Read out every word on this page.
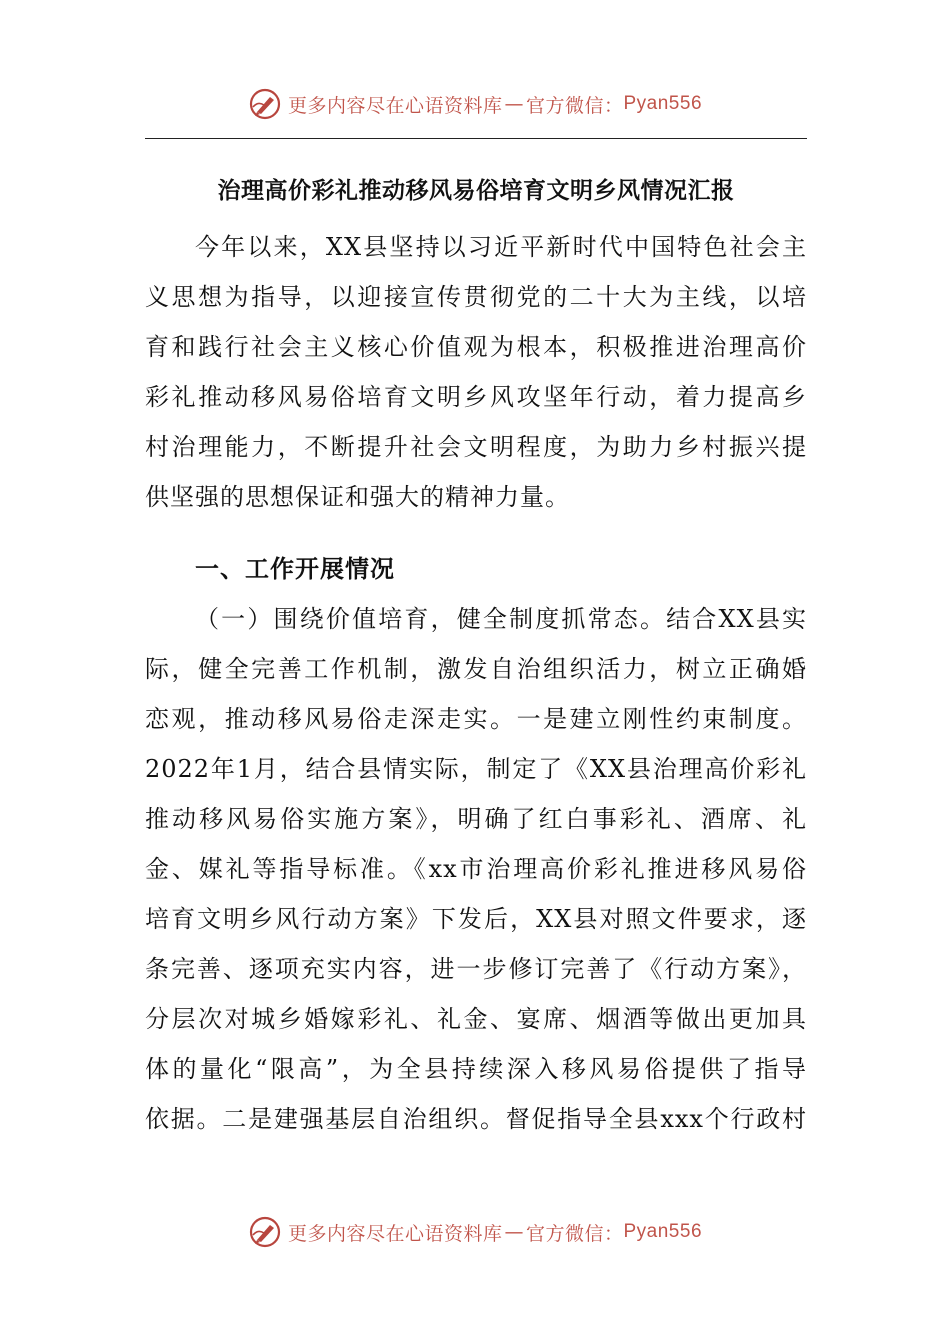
更多内容尽在心语资料库 — 官方微信： Pyan556
治理高价彩礼推动移风易俗培育文明乡风情况汇报
今年以来，XX县坚持以习近平新时代中国特色社会主
义思想为指导，以迎接宣传贯彻党的二十大为主线，以培
育和践行社会主义核心价值观为根本，积极推进治理高价
彩礼推动移风易俗培育文明乡风攻坚年行动，着力提高乡
村治理能力，不断提升社会文明程度，为助力乡村振兴提
供坚强的思想保证和强大的精神力量。
一、工作开展情况
（一）围绕价值培育，健全制度抓常态。结合XX县实
际，健全完善工作机制，激发自治组织活力，树立正确婚
恋观，推动移风易俗走深走实。一是建立刚性约束制度。
2022年1月，结合县情实际，制定了《XX县治理高价彩礼
推动移风易俗实施方案》，明确了红白事彩礼、酒席、礼
金、媒礼等指导标准。《xx市治理高价彩礼推进移风易俗
培育文明乡风行动方案》下发后，XX县对照文件要求，逐
条完善、逐项充实内容，进一步修订完善了《行动方案》，
分层次对城乡婚嫁彩礼、礼金、宴席、烟酒等做出更加具
体的量化“限高”，为全县持续深入移风易俗提供了指导
依据。二是建强基层自治组织。督促指导全县xxx个行政村
更多内容尽在心语资料库 — 官方微信： Pyan556
